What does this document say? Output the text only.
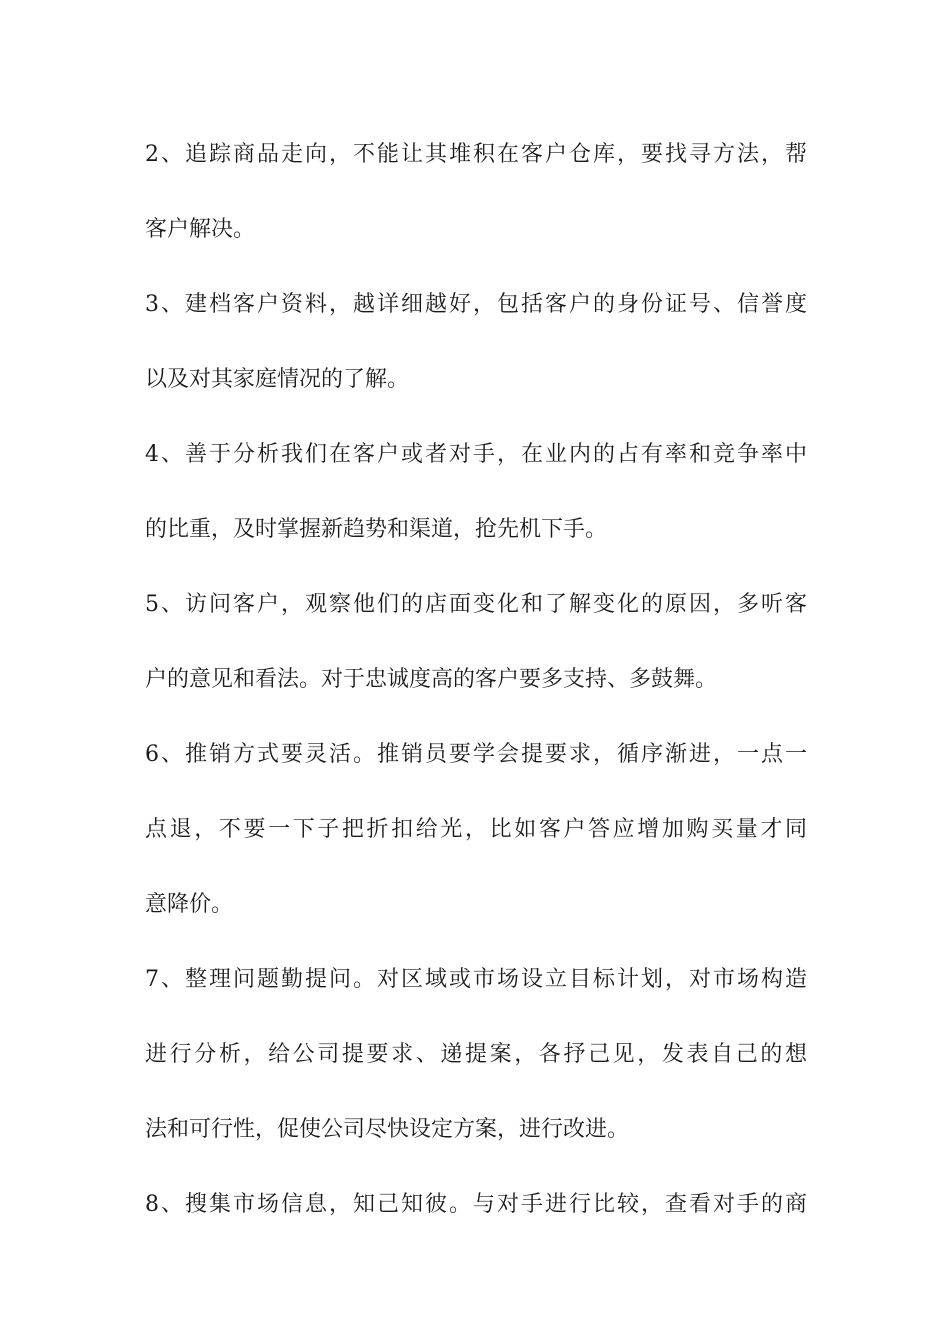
2、追踪商品走向，不能让其堆积在客户仓库，要找寻方法，帮
客户解决。
3、建档客户资料，越详细越好，包括客户的身份证号、信誉度
以及对其家庭情况的了解。
4、善于分析我们在客户或者对手，在业内的占有率和竞争率中
的比重，及时掌握新趋势和渠道，抢先机下手。
5、访问客户，观察他们的店面变化和了解变化的原因，多听客
户的意见和看法。对于忠诚度高的客户要多支持、多鼓舞。
6、推销方式要灵活。推销员要学会提要求，循序渐进，一点一
点退，不要一下子把折扣给光，比如客户答应增加购买量才同
意降价。
7、整理问题勤提问。对区域或市场设立目标计划，对市场构造
进行分析，给公司提要求、递提案，各抒己见，发表自己的想
法和可行性，促使公司尽快设定方案，进行改进。
8、搜集市场信息，知己知彼。与对手进行比较，查看对手的商
